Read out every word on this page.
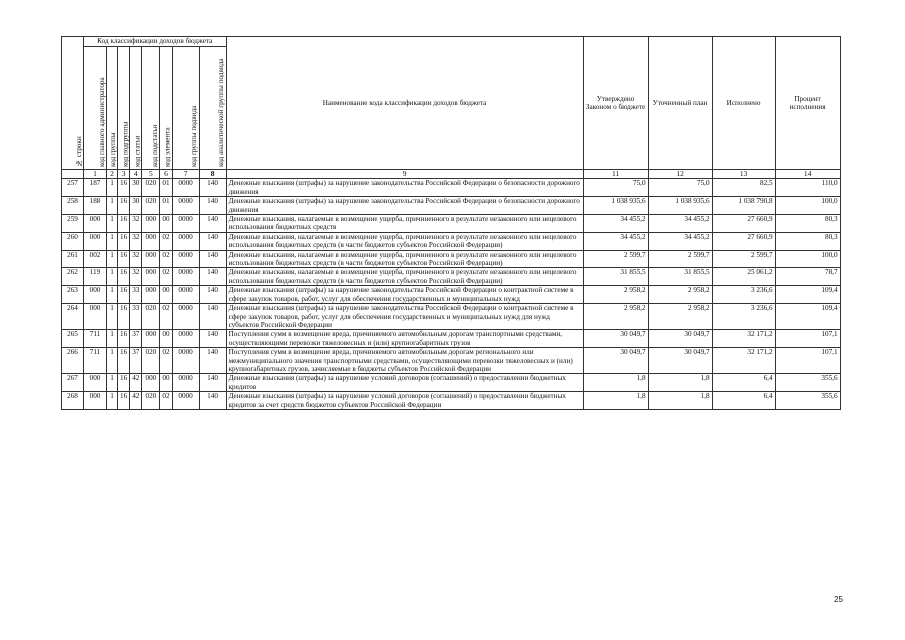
№ строки	Код классификации доходов бюджета								Наименование кода классификации доходов бюджета	Утверждено Законом о бюджете	Уточненный план	Исполнено	Процент исполнения
	код главного администратора	код группы	код подгруппы	код статьи	код подстатьи	код элемента	код группы подвида	код аналитической группы подвида					
	1	2	3	4	5	6	7	8	9	11	12	13	14
257	187	1	16	30	020	01	0000	140	Денежные взыскания (штрафы) за нарушение законодательства Российской Федерации о безопасности дорожного движения	75,0	75,0	82,5	110,0
258	188	1	16	30	020	01	0000	140	Денежные взыскания (штрафы) за нарушение законодательства Российской Федерации о безопасности дорожного движения	1 038 935,6	1 038 935,6	1 038 790,8	100,0
259	000	1	16	32	000	00	0000	140	Денежные взыскания, налагаемые в возмещение ущерба, причиненного в результате незаконного или нецелевого использования бюджетных средств	34 455,2	34 455,2	27 660,9	80,3
260	000	1	16	32	000	02	0000	140	Денежные взыскания, налагаемые в возмещение ущерба, причиненного в результате незаконного или нецелевого использования бюджетных средств (в части бюджетов субъектов Российской Федерации)	34 455,2	34 455,2	27 660,9	80,3
261	002	1	16	32	000	02	0000	140	Денежные взыскания, налагаемые в возмещение ущерба, причиненного в результате незаконного или нецелевого использования бюджетных средств (в части бюджетов субъектов Российской Федерации)	2 599,7	2 599,7	2 599,7	100,0
262	119	1	16	32	000	02	0000	140	Денежные взыскания, налагаемые в возмещение ущерба, причиненного в результате незаконного или нецелевого использования бюджетных средств (в части бюджетов субъектов Российской Федерации)	31 855,5	31 855,5	25 061,2	78,7
263	000	1	16	33	000	00	0000	140	Денежные взыскания (штрафы) за нарушение законодательства Российской Федерации о контрактной системе в сфере закупок товаров, работ, услуг для обеспечения государственных и муниципальных нужд	2 958,2	2 958,2	3 236,6	109,4
264	000	1	16	33	020	02	0000	140	Денежные взыскания (штрафы) за нарушение законодательства Российской Федерации о контрактной системе в сфере закупок товаров, работ, услуг для обеспечения государственных и муниципальных нужд для нужд субъектов Российской Федерации	2 958,2	2 958,2	3 236,6	109,4
265	711	1	16	37	000	00	0000	140	Поступления сумм в возмещение вреда, причиняемого автомобильным дорогам транспортными средствами, осуществляющими перевозки тяжеловесных и (или) крупногабаритных грузов	30 049,7	30 049,7	32 171,2	107,1
266	711	1	16	37	020	02	0000	140	Поступления сумм в возмещение вреда, причиняемого автомобильным дорогам регионального или межмуниципального значения транспортными средствами, осуществляющими перевозки тяжеловесных и (или) крупногабаритных грузов, зачисляемые в бюджеты субъектов Российской Федерации	30 049,7	30 049,7	32 171,2	107,1
267	000	1	16	42	000	00	0000	140	Денежные взыскания (штрафы) за нарушение условий договоров (соглашений) о предоставлении бюджетных кредитов	1,8	1,8	6,4	355,6
268	000	1	16	42	020	02	0000	140	Денежные взыскания (штрафы) за нарушение условий договоров (соглашений) о предоставлении бюджетных кредитов за счет средств бюджетов субъектов Российской Федерации	1,8	1,8	6,4	355,6
25
